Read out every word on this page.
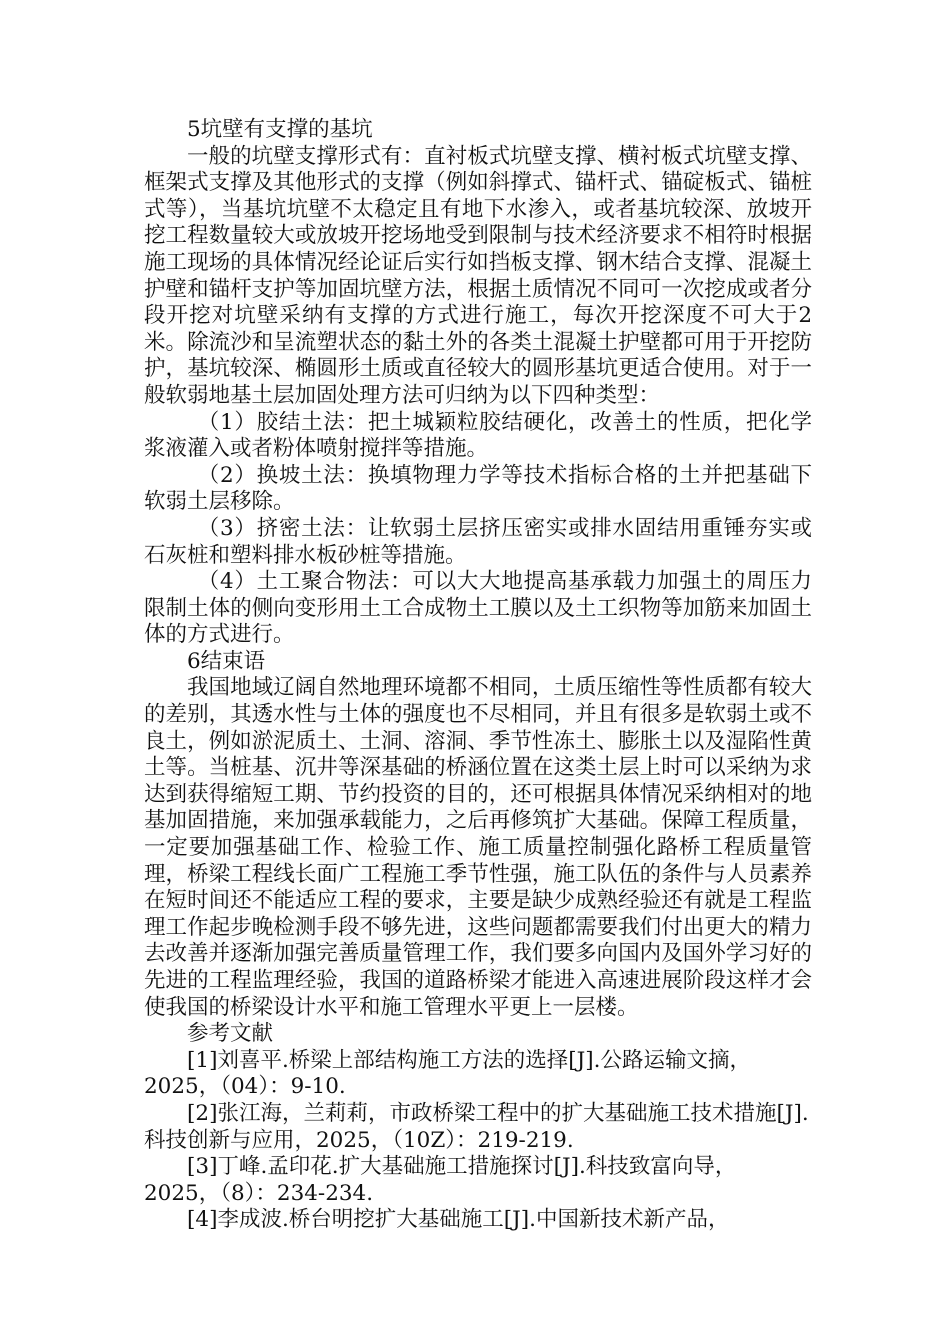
5坑壁有支撑的基坑

一般的坑壁支撑形式有：直衬板式坑壁支撑、横衬板式坑壁支撑、框架式支撑及其他形式的支撑（例如斜撑式、锚杆式、锚碇板式、锚桩式等），当基坑坑壁不太稳定且有地下水渗入，或者基坑较深、放坡开挖工程数量较大或放坡开挖场地受到限制与技术经济要求不相符时根据施工现场的具体情况经论证后实行如挡板支撑、钢木结合支撑、混凝土护壁和锚杆支护等加固坑壁方法，根据土质情况不同可一次挖成或者分段开挖对坑壁采纳有支撑的方式进行施工，每次开挖深度不可大于2米。除流沙和呈流塑状态的黏土外的各类土混凝土护壁都可用于开挖防护，基坑较深、椭圆形土质或直径较大的圆形基坑更适合使用。对于一般软弱地基土层加固处理方法可归纳为以下四种类型：

（1）胶结土法：把土城颖粒胶结硬化，改善土的性质，把化学浆液灌入或者粉体喷射搅拌等措施。

（2）换坡土法：换填物理力学等技术指标合格的土并把基础下软弱土层移除。

（3）挤密土法：让软弱土层挤压密实或排水固结用重锤夯实或石灰桩和塑料排水板砂桩等措施。

（4）土工聚合物法：可以大大地提高基承载力加强土的周压力限制土体的侧向变形用土工合成物土工膜以及土工织物等加筋来加固土体的方式进行。

6结束语

我国地域辽阔自然地理环境都不相同，土质压缩性等性质都有较大的差别，其透水性与土体的强度也不尽相同，并且有很多是软弱土或不良土，例如淤泥质土、土洞、溶洞、季节性冻土、膨胀土以及湿陷性黄土等。当桩基、沉井等深基础的桥涵位置在这类土层上时可以采纳为求达到获得缩短工期、节约投资的目的，还可根据具体情况采纳相对的地基加固措施，来加强承载能力，之后再修筑扩大基础。保障工程质量，一定要加强基础工作、检验工作、施工质量控制强化路桥工程质量管理，桥梁工程线长面广工程施工季节性强，施工队伍的条件与人员素养在短时间还不能适应工程的要求，主要是缺少成熟经验还有就是工程监理工作起步晚检测手段不够先进，这些问题都需要我们付出更大的精力去改善并逐渐加强完善质量管理工作，我们要多向国内及国外学习好的先进的工程监理经验，我国的道路桥梁才能进入高速进展阶段这样才会使我国的桥梁设计水平和施工管理水平更上一层楼。

参考文献

[1]刘喜平.桥梁上部结构施工方法的选择[J].公路运输文摘，2025，（04）：9-10.

[2]张江海，兰莉莉，市政桥梁工程中的扩大基础施工技术措施[J].科技创新与应用，2025，（10Z）：219-219.

[3]丁峰.孟印花.扩大基础施工措施探讨[J].科技致富向导，2025，（8）：234-234.

[4]李成波.桥台明挖扩大基础施工[J].中国新技术新产品，
